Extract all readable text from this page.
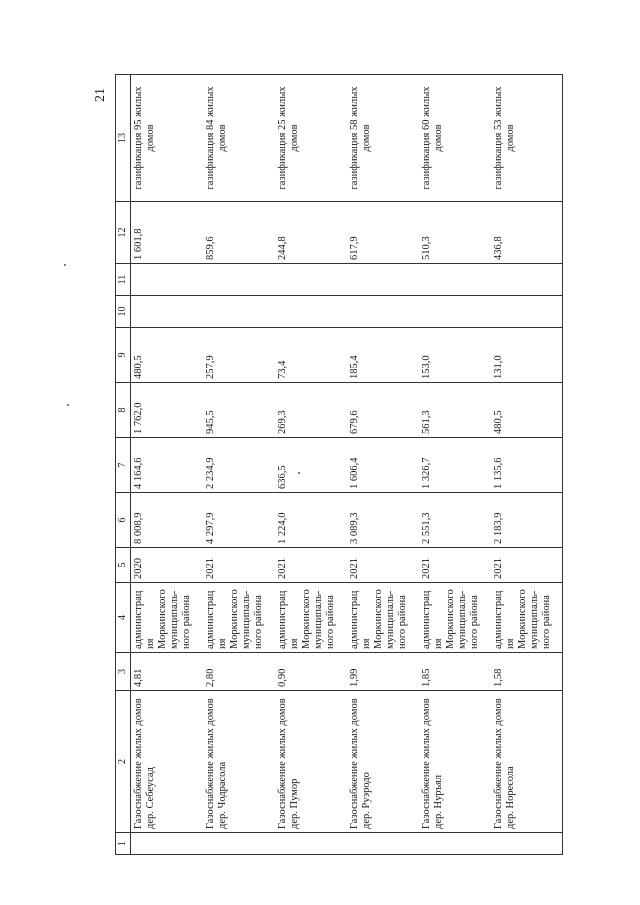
21
1	2	3	4	5	6	7	8	9	10	11	12	13
	Газоснабжение жилых домов дер. Себеусад	4,81	администрация Моркинского муниципаль-ного района	2020	8 008,9	4 164,6	1 762,0	480,5			1 601,8	газификация 95 жилых домов
	Газоснабжение жилых домов дер. Чодрасола	2,80	администрация Моркинского муниципаль-ного района	2021	4 297,9	2 234,9	945,5	257,9			859,6	газификация 84 жилых домов
	Газоснабжение жилых домов дер. Пумор	0,90	администрация Моркинского муниципаль-ного района	2021	1 224,0	636,5	269,3	73,4			244,8	газификация 25 жилых домов
	Газоснабжение жилых домов дер. Руэродо	1,99	администрация Моркинского муниципаль-ного района	2021	3 089,3	1 606,4	679,6	185,4			617,9	газификация 58 жилых домов
	Газоснабжение жилых домов дер. Нуръял	1,85	администрация Моркинского муниципаль-ного района	2021	2 551,3	1 326,7	561,3	153,0			510,3	газификация 60 жилых домов
	Газоснабжение жилых домов дер. Нореєола	1,58	администрация Моркинского муниципаль-ного района	2021	2 183,9	1 135,6	480,5	131,0			436,8	газификация 53 жилых домов
